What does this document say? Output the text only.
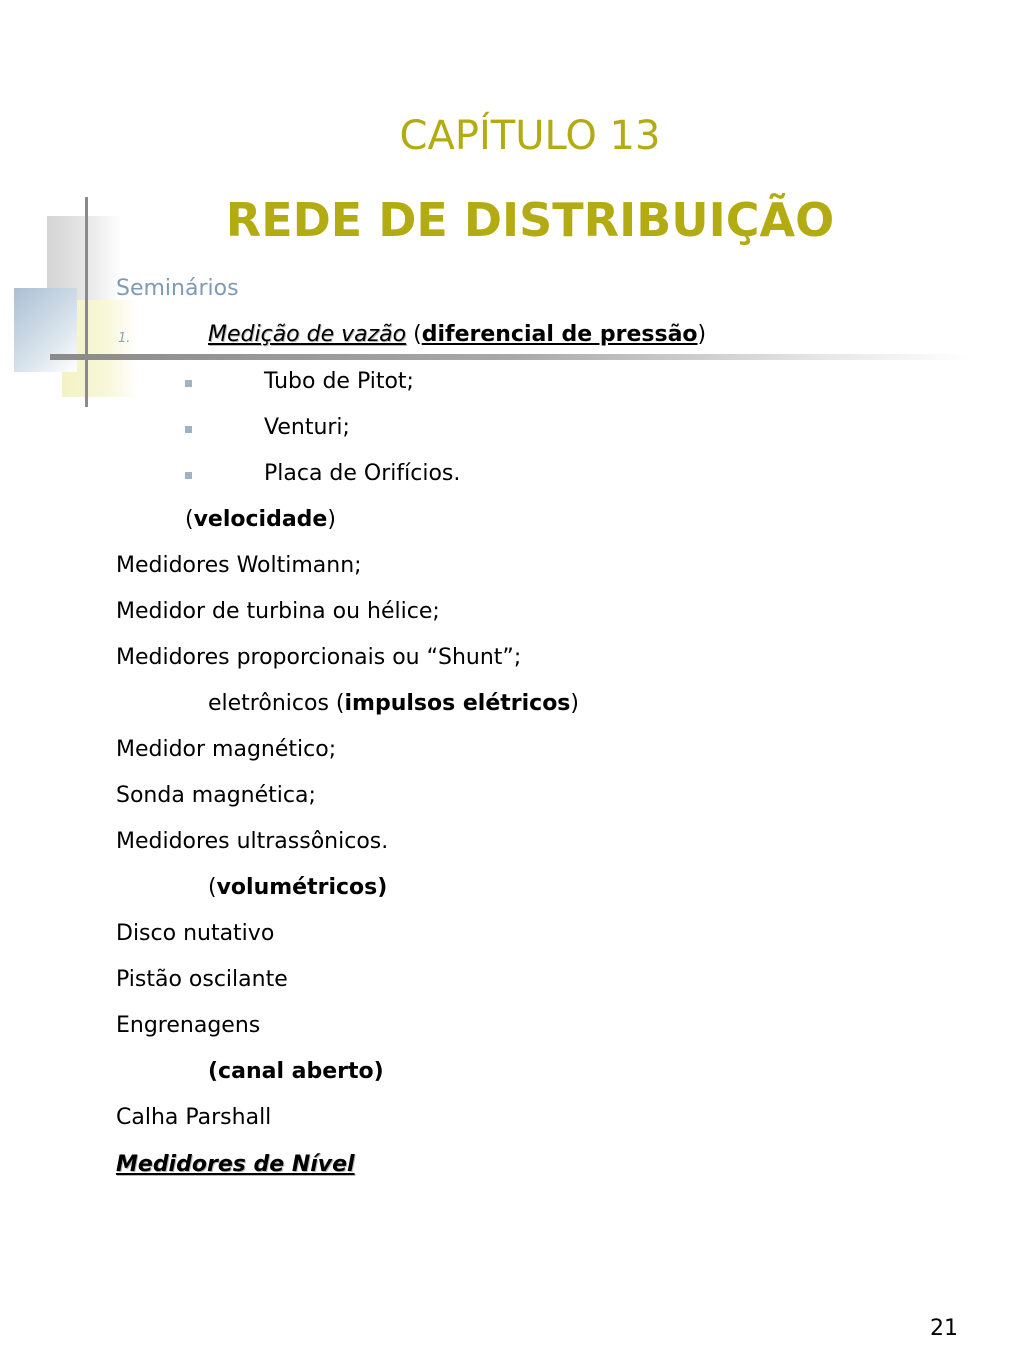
CAPÍTULO 13
REDE DE DISTRIBUIÇÃO
Seminários
1.	Medição de vazão (diferencial de pressão)
Tubo de Pitot;
Venturi;
Placa de Orifícios.
(velocidade)
Medidores Woltimann;
Medidor de turbina ou hélice;
Medidores proporcionais ou “Shunt”;
eletrônicos (impulsos elétricos)
Medidor magnético;
Sonda magnética;
Medidores ultrassônicos.
(volumétricos)
Disco nutativo
Pistão oscilante
Engrenagens
(canal aberto)
Calha Parshall
Medidores de Nível
21
